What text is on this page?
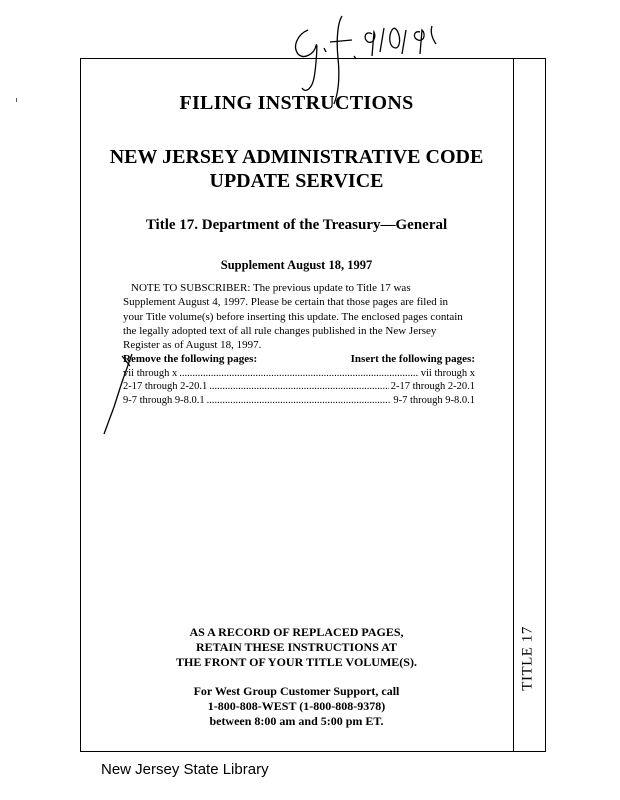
TITLE 17
FILING INSTRUCTIONS
NEW JERSEY ADMINISTRATIVE CODE
UPDATE SERVICE
Title 17. Department of the Treasury—General
Supplement August 18, 1997
NOTE TO SUBSCRIBER: The previous update to Title 17 was
Supplement August 4, 1997. Please be certain that those pages are filed in
your Title volume(s) before inserting this update. The enclosed pages contain
the legally adopted text of all rule changes published in the New Jersey
Register as of August 18, 1997.
Remove the following pages:	Insert the following pages:
vii through x .....	vii through x
2-17 through 2-20.1 .....	2-17 through 2-20.1
9-7 through 9-8.0.1 .....	9-7 through 9-8.0.1
AS A RECORD OF REPLACED PAGES,
RETAIN THESE INSTRUCTIONS AT
THE FRONT OF YOUR TITLE VOLUME(S).
For West Group Customer Support, call
1-800-808-WEST (1-800-808-9378)
between 8:00 am and 5:00 pm ET.
New Jersey State Library
